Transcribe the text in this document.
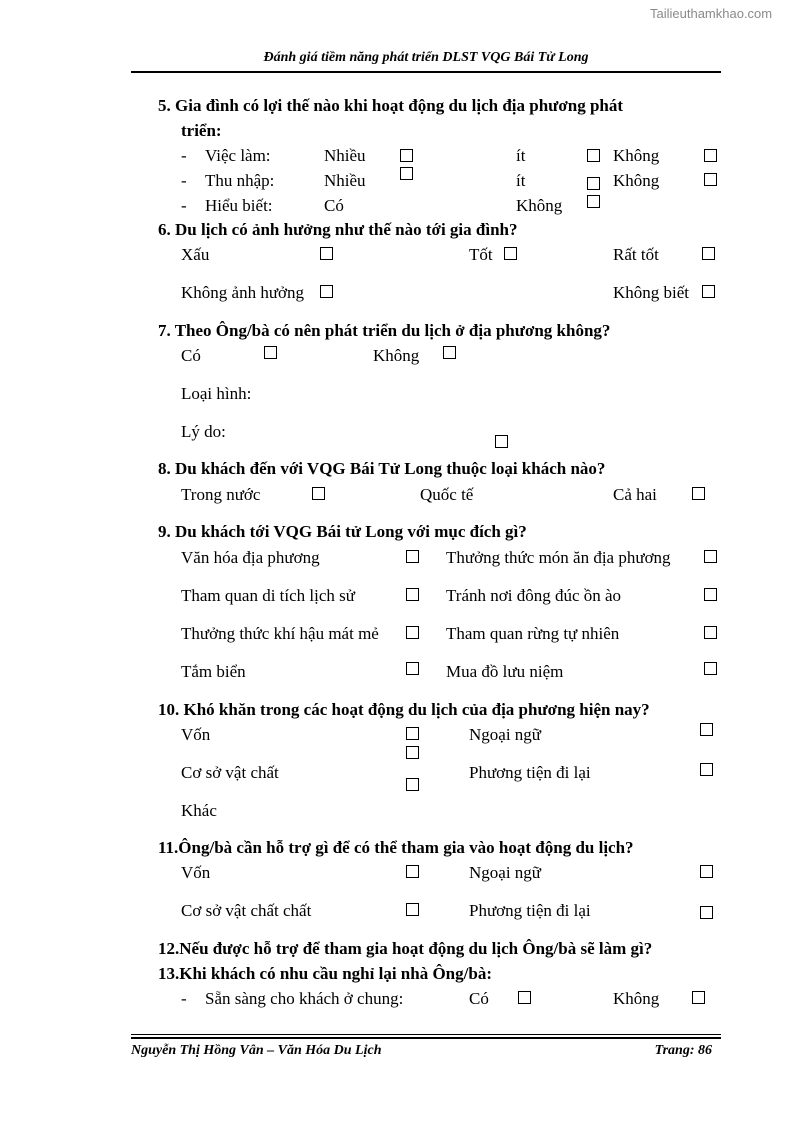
Tailieuthamkhao.com
Đánh giá tiềm năng phát triển DLST VQG Bái Tử Long
5. Gia đình có lợi thế nào khi hoạt động du lịch địa phương phát
triển:
- Việc làm:	Nhiều	ít	Không
- Thu nhập:	Nhiều	ít	Không
- Hiểu biết:	Có	Không
6. Du lịch có ảnh hưởng như thế nào tới gia đình?
Xấu	Tốt	Rất tốt
Không ảnh hưởng	Không biết
7. Theo Ông/bà có nên phát triển du lịch ở địa phương không?
Có	Không
Loại hình:
Lý do:
8. Du khách đến với VQG Bái Tử Long thuộc loại khách nào?
Trong nước	Quốc tế	Cả hai
9. Du khách tới VQG Bái tử Long với mục đích gì?
Văn hóa địa phương	Thưởng thức món ăn địa phương
Tham quan di tích lịch sử	Tránh nơi đông đúc ồn ào
Thưởng thức khí hậu mát mẻ	Tham quan rừng tự nhiên
Tắm biển	Mua đồ lưu niệm
10. Khó khăn trong các hoạt động du lịch của địa phương hiện nay?
Vốn	Ngoại ngữ
Cơ sở vật chất	Phương tiện đi lại
Khác
11.Ông/bà cần hỗ trợ gì để có thể tham gia vào hoạt động du lịch?
Vốn	Ngoại ngữ
Cơ sở vật chất chất	Phương tiện đi lại
12.Nếu được hỗ trợ để tham gia hoạt động du lịch Ông/bà sẽ làm gì?
13.Khi khách có nhu cầu nghỉ lại nhà Ông/bà:
- Sẵn sàng cho khách ở chung:	Có	Không
Nguyễn Thị Hồng Vân – Văn Hóa Du Lịch	Trang: 86
